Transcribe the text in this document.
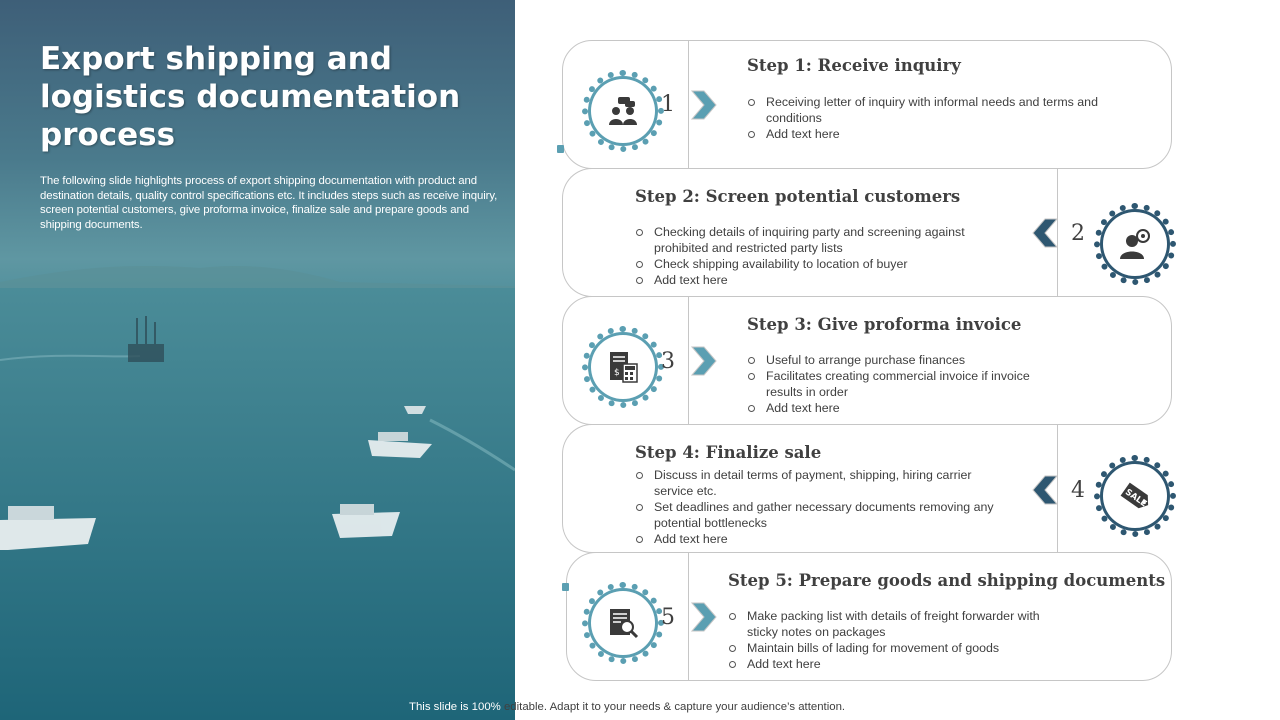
Export shipping and logistics documentation process

The following slide highlights process of export shipping documentation with product and destination details, quality control specifications etc. It includes steps such as receive inquiry, screen potential customers, give proforma invoice, finalize sale and prepare goods and shipping documents.

1
Step 1: Receive inquiry
Receiving letter of inquiry with informal needs and terms and conditions
Add text here
2
Step 2: Screen potential customers
Checking details of inquiring party and screening against prohibited and restricted party lists
Check shipping availability to location of buyer
Add text here
$ 3
Step 3: Give proforma invoice
Useful to arrange purchase finances
Facilitates creating commercial invoice if invoice results in order
Add text here
SALE
4
Step 4: Finalize sale
Discuss in detail terms of payment, shipping, hiring carrier service etc.
Set deadlines and gather necessary documents removing any potential bottlenecks
Add text here
5
Step 5: Prepare goods and shipping documents
Make packing list with details of freight forwarder with sticky notes on packages
Maintain bills of lading for movement of goods
Add text here
This slide is 100% editable. Adapt it to your needs & capture your audience’s attention.
